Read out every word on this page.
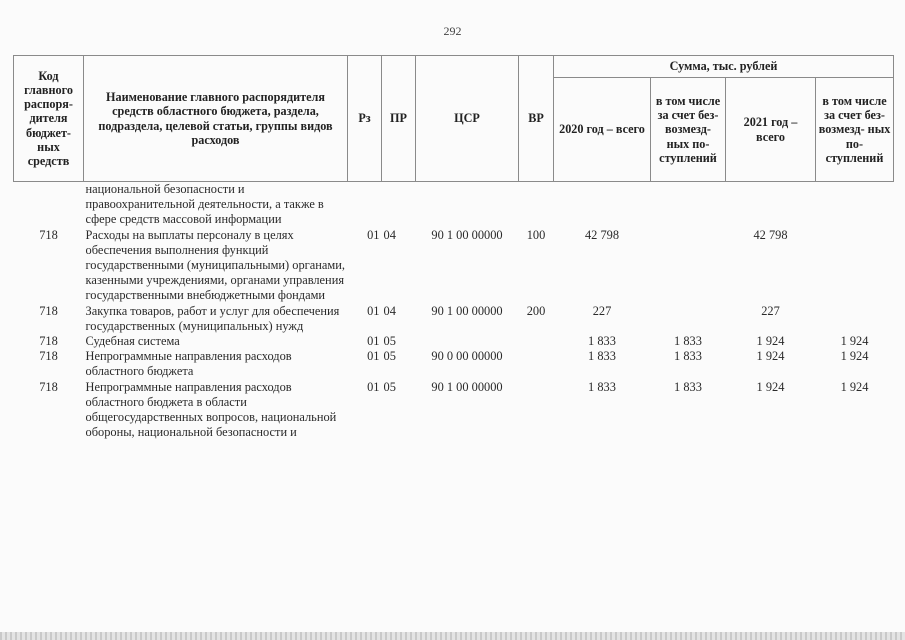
292
Код главного распоря- дителя бюджет- ных средств	Наименование главного распорядителя средств областного бюджета, раздела, подраздела, целевой статьи, группы видов расходов	Рз	ПР	ЦСР	ВР	Сумма, тыс. рублей			
						2020 год – всего	в том числе за счет без- возмезд- ных по- ступлений	2021 год – всего	в том числе за счет без- возмезд- ных по- ступлений
	национальной безопасности и правоохранительной деятельности, а также в сфере средств массовой информации								
718	Расходы на выплаты персоналу в целях обеспечения выполнения функций государственными (муниципальными) органами, казенными учреждениями, органами управления государственными внебюджетными фондами	01	04	90 1 00 00000	100	42 798		42 798	
718	Закупка товаров, работ и услуг для обеспечения государственных (муниципальных) нужд	01	04	90 1 00 00000	200	227		227	
718	Судебная система	01	05			1 833	1 833	1 924	1 924
718	Непрограммные направления расходов областного бюджета	01	05	90 0 00 00000		1 833	1 833	1 924	1 924
718	Непрограммные направления расходов областного бюджета в области общегосударственных вопросов, национальной обороны, национальной безопасности и	01	05	90 1 00 00000		1 833	1 833	1 924	1 924
